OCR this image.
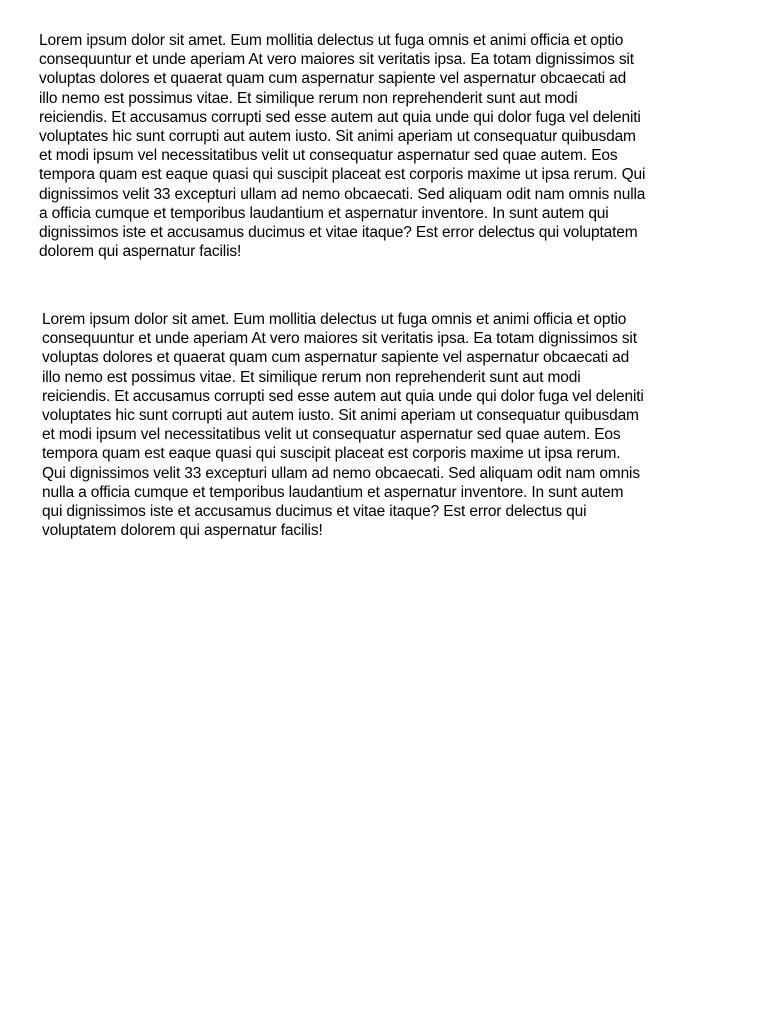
Lorem ipsum dolor sit amet. Eum mollitia delectus ut fuga omnis et animi officia et optio
consequuntur et unde aperiam At vero maiores sit veritatis ipsa. Ea totam dignissimos sit
voluptas dolores et quaerat quam cum aspernatur sapiente vel aspernatur obcaecati ad
illo nemo est possimus vitae. Et similique rerum non reprehenderit sunt aut modi
reiciendis. Et accusamus corrupti sed esse autem aut quia unde qui dolor fuga vel deleniti
voluptates hic sunt corrupti aut autem iusto. Sit animi aperiam ut consequatur quibusdam
et modi ipsum vel necessitatibus velit ut consequatur aspernatur sed quae autem. Eos
tempora quam est eaque quasi qui suscipit placeat est corporis maxime ut ipsa rerum. Qui
dignissimos velit 33 excepturi ullam ad nemo obcaecati. Sed aliquam odit nam omnis nulla
a officia cumque et temporibus laudantium et aspernatur inventore. In sunt autem qui
dignissimos iste et accusamus ducimus et vitae itaque? Est error delectus qui voluptatem
dolorem qui aspernatur facilis!

Lorem ipsum dolor sit amet. Eum mollitia delectus ut fuga omnis et animi officia et optio
consequuntur et unde aperiam At vero maiores sit veritatis ipsa. Ea totam dignissimos sit
voluptas dolores et quaerat quam cum aspernatur sapiente vel aspernatur obcaecati ad
illo nemo est possimus vitae. Et similique rerum non reprehenderit sunt aut modi
reiciendis. Et accusamus corrupti sed esse autem aut quia unde qui dolor fuga vel deleniti
voluptates hic sunt corrupti aut autem iusto. Sit animi aperiam ut consequatur quibusdam
et modi ipsum vel necessitatibus velit ut consequatur aspernatur sed quae autem. Eos
tempora quam est eaque quasi qui suscipit placeat est corporis maxime ut ipsa rerum.
Qui dignissimos velit 33 excepturi ullam ad nemo obcaecati. Sed aliquam odit nam omnis
nulla a officia cumque et temporibus laudantium et aspernatur inventore. In sunt autem
qui dignissimos iste et accusamus ducimus et vitae itaque? Est error delectus qui
voluptatem dolorem qui aspernatur facilis!
